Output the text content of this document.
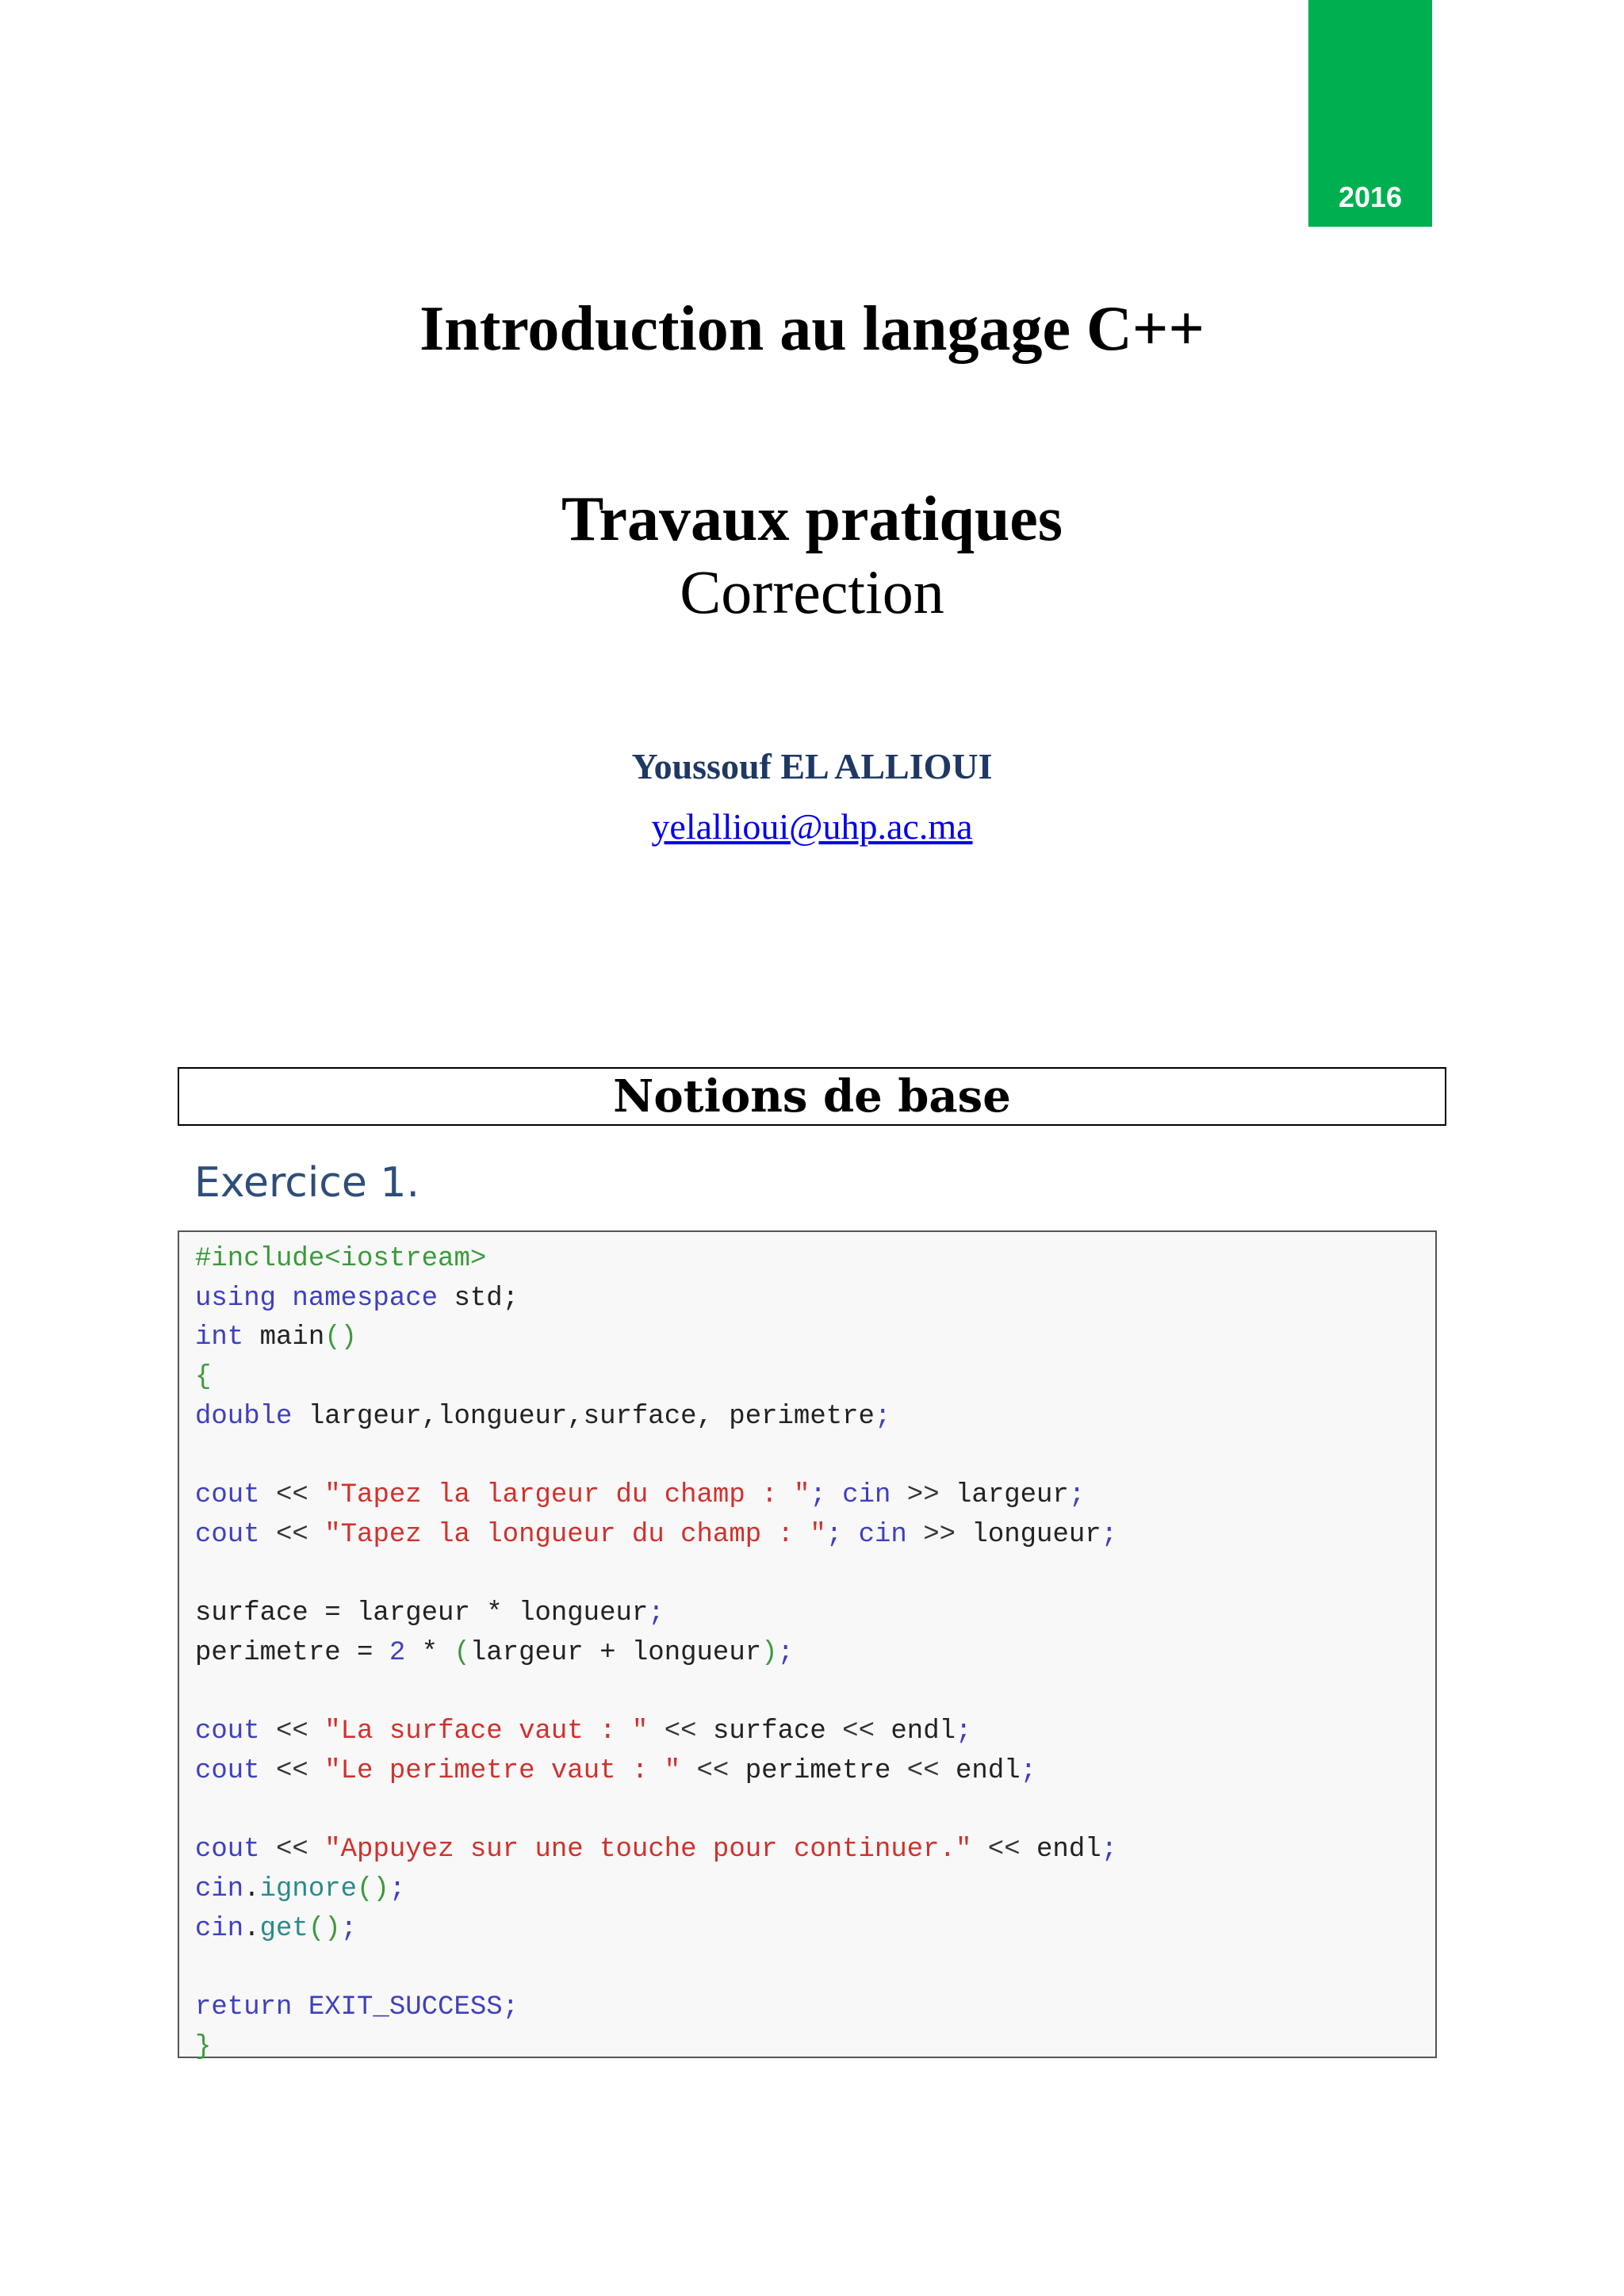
2016
Introduction au langage C++
Travaux pratiques
Correction
Youssouf EL ALLIOUI
yelallioui@uhp.ac.ma
Notions de base
Exercice 1.
#include<iostream>
using namespace std;
int main()
{
double largeur,longueur,surface, perimetre;

cout << "Tapez la largeur du champ : "; cin >> largeur;
cout << "Tapez la longueur du champ : "; cin >> longueur;

surface = largeur * longueur;
perimetre = 2 * (largeur + longueur);

cout << "La surface vaut : " << surface << endl;
cout << "Le perimetre vaut : " << perimetre << endl;

cout << "Appuyez sur une touche pour continuer." << endl;
cin.ignore();
cin.get();

return EXIT_SUCCESS;
}
